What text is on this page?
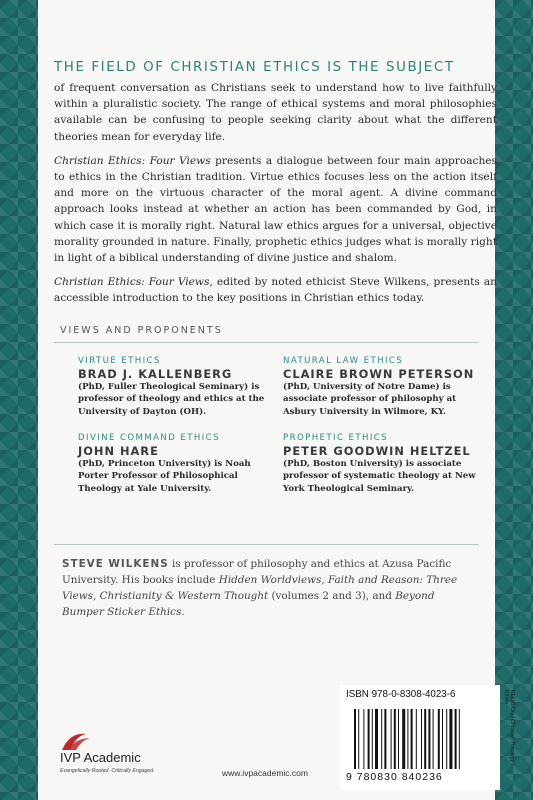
THE FIELD OF CHRISTIAN ETHICS IS THE SUBJECT

of frequent conversation as Christians seek to understand how to live faithfully within a pluralistic society. The range of ethical systems and moral philosophies available can be confusing to people seeking clarity about what the different theories mean for everyday life.

Christian Ethics: Four Views presents a dialogue between four main approaches to ethics in the Christian tradition. Virtue ethics focuses less on the action itself and more on the virtuous character of the moral agent. A divine command approach looks instead at whether an action has been commanded by God, in which case it is morally right. Natural law ethics argues for a universal, objective morality grounded in nature. Finally, prophetic ethics judges what is morally right in light of a biblical understanding of divine justice and shalom.

Christian Ethics: Four Views, edited by noted ethicist Steve Wilkens, presents an accessible introduction to the key positions in Christian ethics today.

VIEWS AND PROPONENTS
VIRTUE ETHICS
BRAD J. KALLENBERG
(PhD, Fuller Theological Seminary) is professor of theology and ethics at the University of Dayton (OH).
NATURAL LAW ETHICS
CLAIRE BROWN PETERSON
(PhD, University of Notre Dame) is associate professor of philosophy at Asbury University in Wilmore, KY.
DIVINE COMMAND ETHICS
JOHN HARE
(PhD, Princeton University) is Noah Porter Professor of Philosophical Theology at Yale University.
PROPHETIC ETHICS
PETER GOODWIN HELTZEL
(PhD, Boston University) is associate professor of systematic theology at New York Theological Seminary.
STEVE WILKENS is professor of philosophy and ethics at Azusa Pacific University. His books include Hidden Worldviews, Faith and Reason: Three Views, Christianity & Western Thought (volumes 2 and 3), and Beyond Bumper Sticker Ethics.
IVP Academic
Evangelically Rooted. Critically Engaged.	www.ivpacademic.com
ISBN 978-0-8308-4023-6
9 780830 840236
RELIGION / Christian Theology / Ethics
